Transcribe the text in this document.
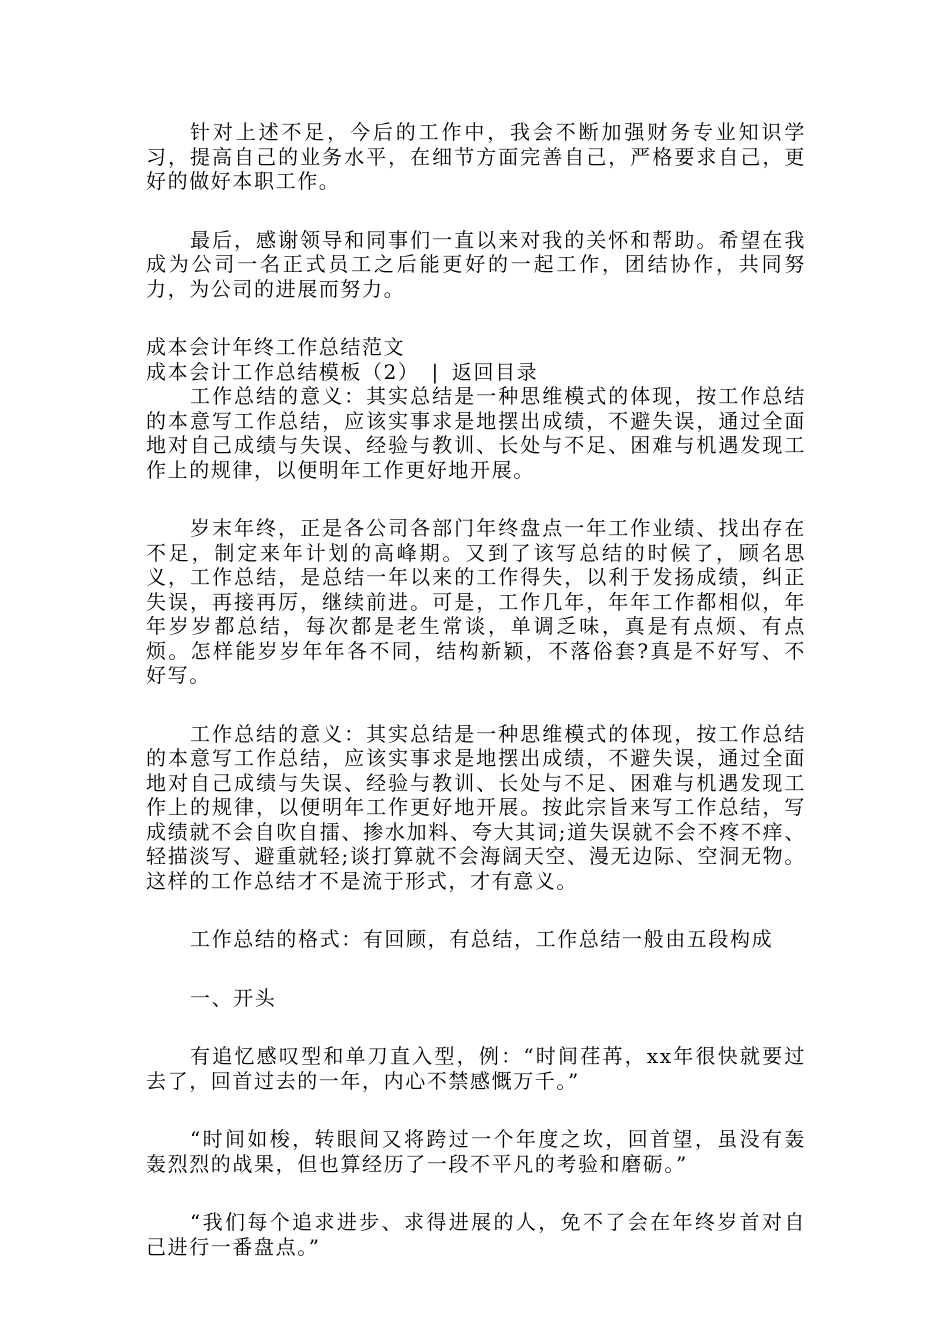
针对上述不足，今后的工作中，我会不断加强财务专业知识学习，提高自己的业务水平，在细节方面完善自己，严格要求自己，更好的做好本职工作。

最后，感谢领导和同事们一直以来对我的关怀和帮助。希望在我成为公司一名正式员工之后能更好的一起工作，团结协作，共同努力，为公司的进展而努力。

成本会计年终工作总结范文

成本会计工作总结模板（2） | 返回目录

工作总结的意义：其实总结是一种思维模式的体现，按工作总结的本意写工作总结，应该实事求是地摆出成绩，不避失误，通过全面地对自己成绩与失误、经验与教训、长处与不足、困难与机遇发现工作上的规律，以便明年工作更好地开展。

岁末年终，正是各公司各部门年终盘点一年工作业绩、找出存在不足，制定来年计划的高峰期。又到了该写总结的时候了，顾名思义，工作总结，是总结一年以来的工作得失，以利于发扬成绩，纠正失误，再接再厉，继续前进。可是，工作几年，年年工作都相似，年年岁岁都总结，每次都是老生常谈，单调乏味，真是有点烦、有点烦。怎样能岁岁年年各不同，结构新颖，不落俗套?真是不好写、不好写。

工作总结的意义：其实总结是一种思维模式的体现，按工作总结的本意写工作总结，应该实事求是地摆出成绩，不避失误，通过全面地对自己成绩与失误、经验与教训、长处与不足、困难与机遇发现工作上的规律，以便明年工作更好地开展。按此宗旨来写工作总结，写成绩就不会自吹自擂、掺水加料、夸大其词;道失误就不会不疼不痒、轻描淡写、避重就轻;谈打算就不会海阔天空、漫无边际、空洞无物。这样的工作总结才不是流于形式，才有意义。

工作总结的格式：有回顾，有总结，工作总结一般由五段构成

一、开头

有追忆感叹型和单刀直入型，例：“时间荏苒，xx年很快就要过去了，回首过去的一年，内心不禁感慨万千。”

“时间如梭，转眼间又将跨过一个年度之坎，回首望，虽没有轰轰烈烈的战果，但也算经历了一段不平凡的考验和磨砺。”

“我们每个追求进步、求得进展的人，免不了会在年终岁首对自己进行一番盘点。”
